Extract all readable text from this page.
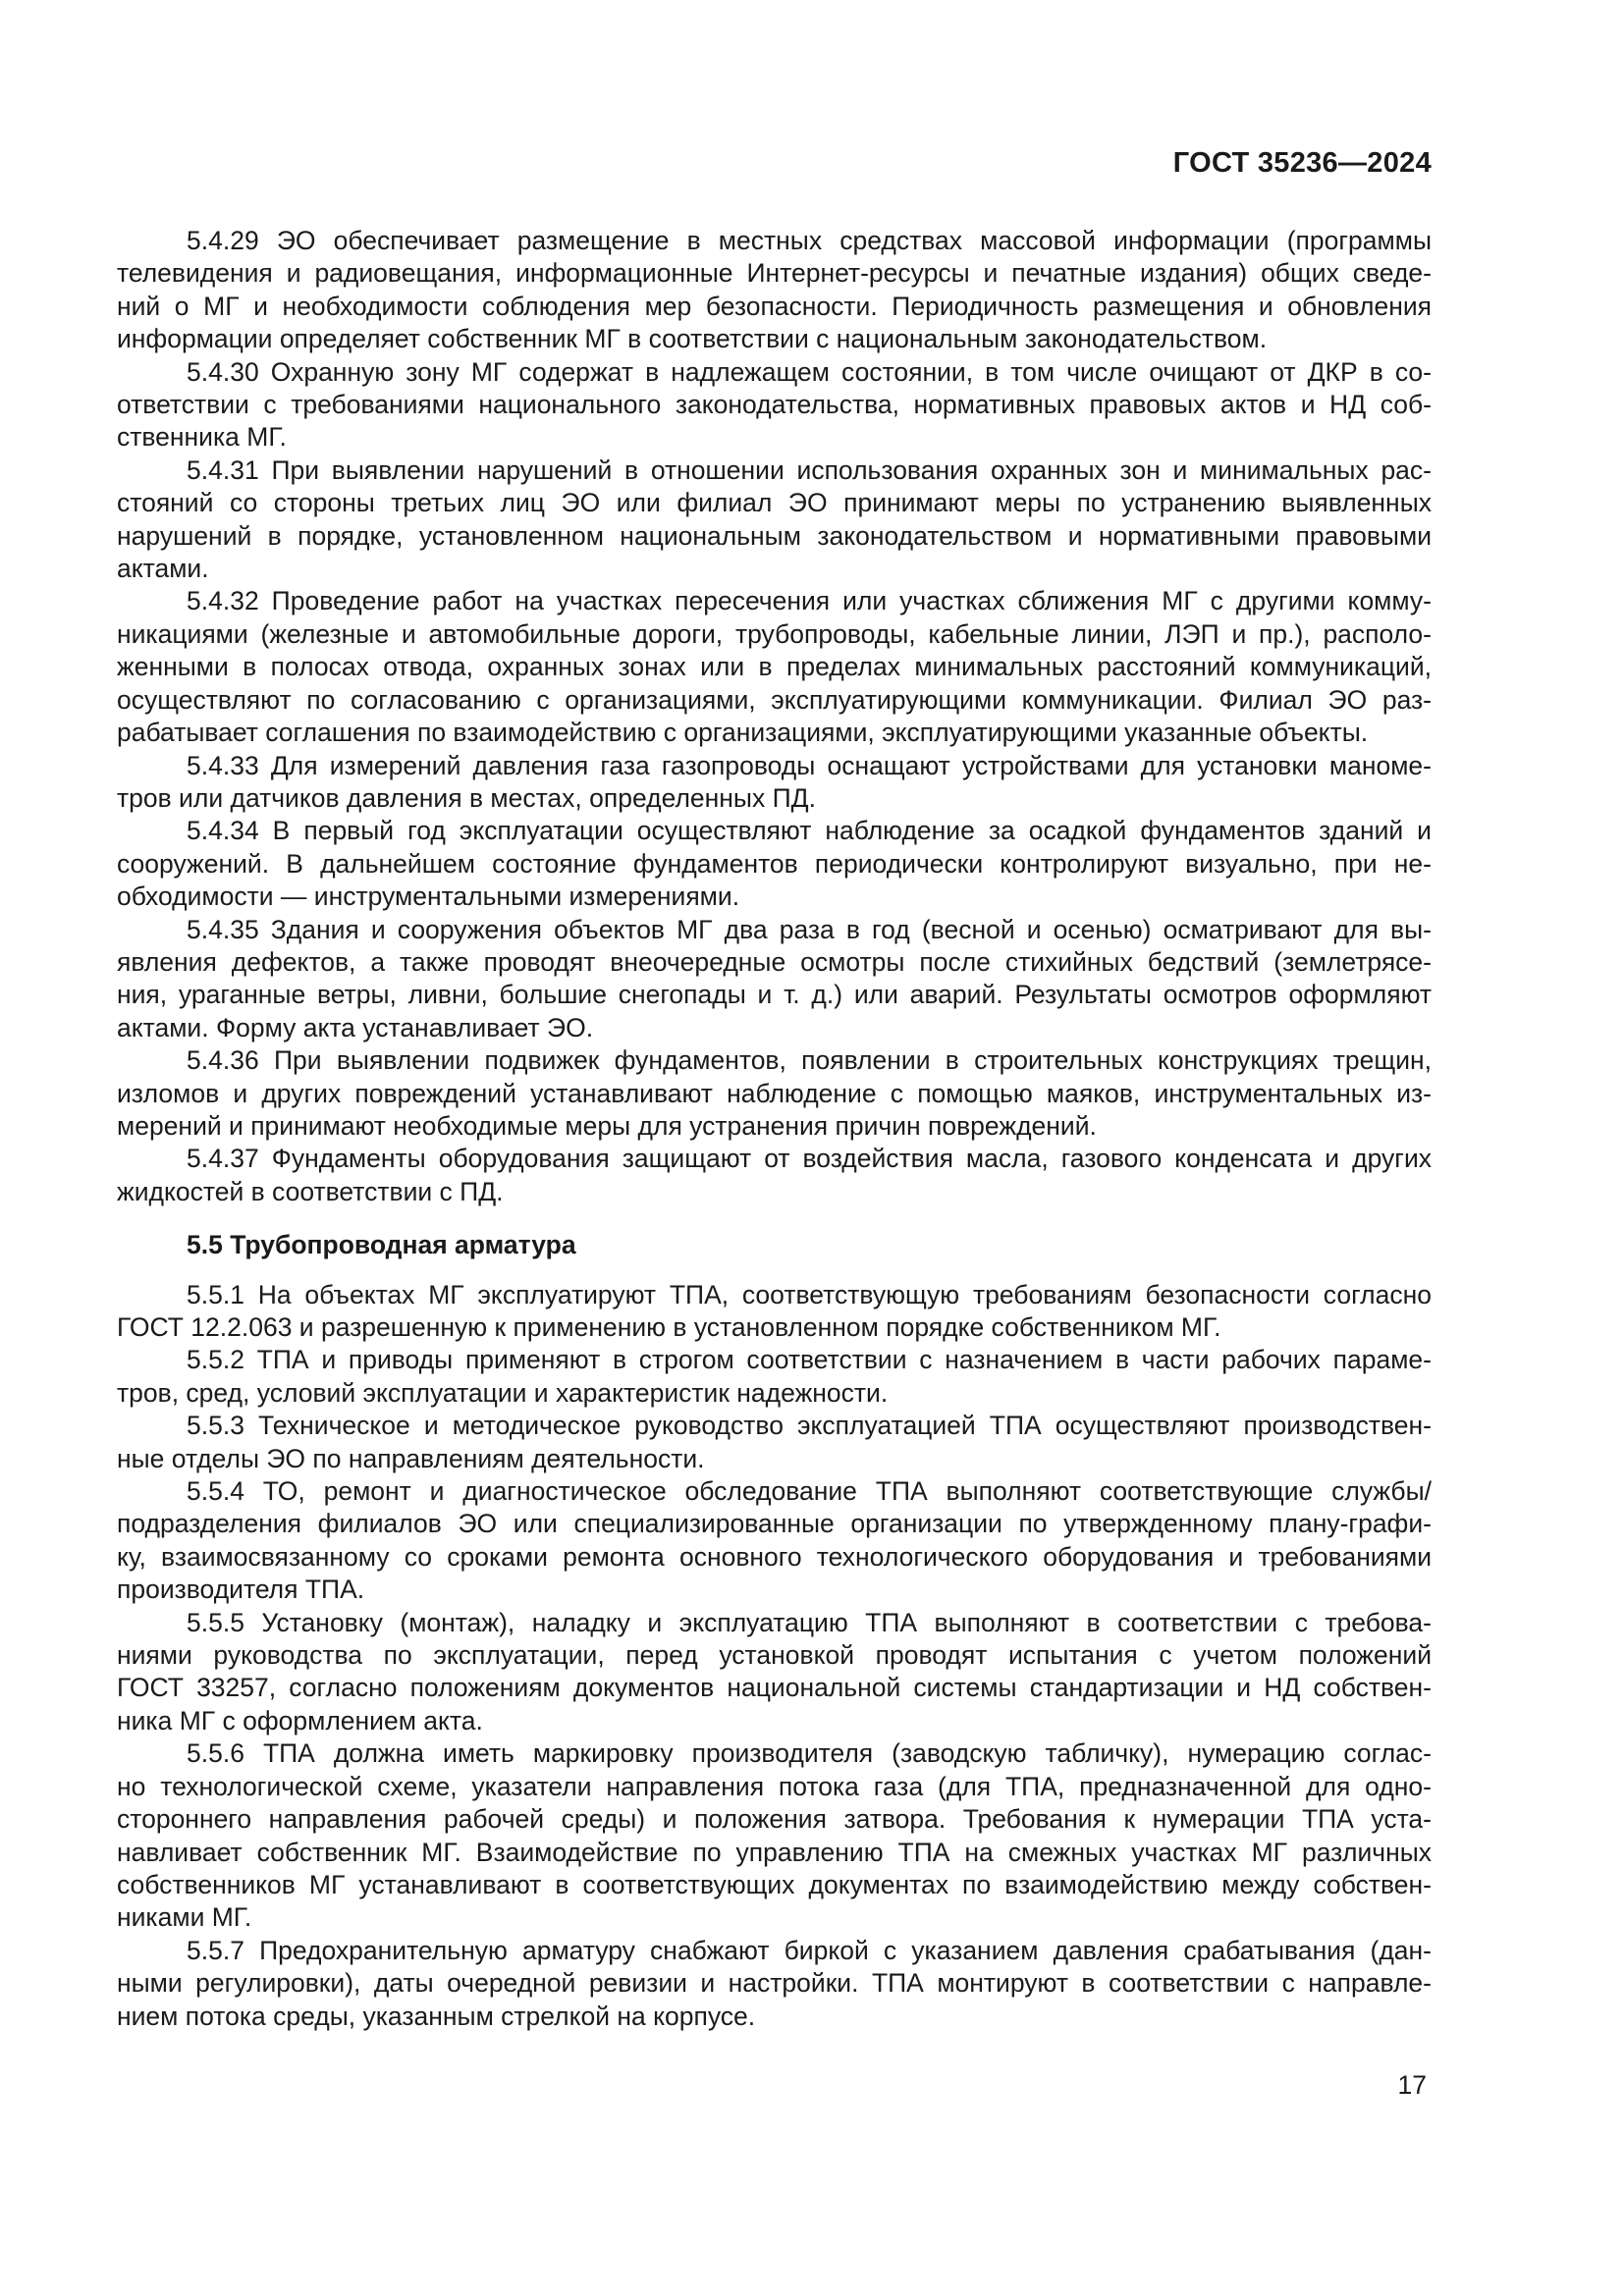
ГОСТ 35236—2024
5.4.29 ЭО обеспечивает размещение в местных средствах массовой информации (программы
телевидения и радиовещания, информационные Интернет-ресурсы и печатные издания) общих сведе-
ний о МГ и необходимости соблюдения мер безопасности. Периодичность размещения и обновления
информации определяет собственник МГ в соответствии с национальным законодательством.
5.4.30 Охранную зону МГ содержат в надлежащем состоянии, в том числе очищают от ДКР в со-
ответствии с требованиями национального законодательства, нормативных правовых актов и НД соб-
ственника МГ.
5.4.31 При выявлении нарушений в отношении использования охранных зон и минимальных рас-
стояний со стороны третьих лиц ЭО или филиал ЭО принимают меры по устранению выявленных
нарушений в порядке, установленном национальным законодательством и нормативными правовыми
актами.
5.4.32 Проведение работ на участках пересечения или участках сближения МГ с другими комму-
никациями (железные и автомобильные дороги, трубопроводы, кабельные линии, ЛЭП и пр.), располо-
женными в полосах отвода, охранных зонах или в пределах минимальных расстояний коммуникаций,
осуществляют по согласованию с организациями, эксплуатирующими коммуникации. Филиал ЭО раз-
рабатывает соглашения по взаимодействию с организациями, эксплуатирующими указанные объекты.
5.4.33 Для измерений давления газа газопроводы оснащают устройствами для установки маноме-
тров или датчиков давления в местах, определенных ПД.
5.4.34 В первый год эксплуатации осуществляют наблюдение за осадкой фундаментов зданий и
сооружений. В дальнейшем состояние фундаментов периодически контролируют визуально, при не-
обходимости — инструментальными измерениями.
5.4.35 Здания и сооружения объектов МГ два раза в год (весной и осенью) осматривают для вы-
явления дефектов, а также проводят внеочередные осмотры после стихийных бедствий (землетрясе-
ния, ураганные ветры, ливни, большие снегопады и т. д.) или аварий. Результаты осмотров оформляют
актами. Форму акта устанавливает ЭО.
5.4.36 При выявлении подвижек фундаментов, появлении в строительных конструкциях трещин,
изломов и других повреждений устанавливают наблюдение с помощью маяков, инструментальных из-
мерений и принимают необходимые меры для устранения причин повреждений.
5.4.37 Фундаменты оборудования защищают от воздействия масла, газового конденсата и других
жидкостей в соответствии с ПД.
5.5 Трубопроводная арматура
5.5.1 На объектах МГ эксплуатируют ТПА, соответствующую требованиям безопасности согласно
ГОСТ 12.2.063 и разрешенную к применению в установленном порядке собственником МГ.
5.5.2 ТПА и приводы применяют в строгом соответствии с назначением в части рабочих параме-
тров, сред, условий эксплуатации и характеристик надежности.
5.5.3 Техническое и методическое руководство эксплуатацией ТПА осуществляют производствен-
ные отделы ЭО по направлениям деятельности.
5.5.4 ТО, ремонт и диагностическое обследование ТПА выполняют соответствующие службы/
подразделения филиалов ЭО или специализированные организации по утвержденному плану-графи-
ку, взаимосвязанному со сроками ремонта основного технологического оборудования и требованиями
производителя ТПА.
5.5.5 Установку (монтаж), наладку и эксплуатацию ТПА выполняют в соответствии с требова-
ниями руководства по эксплуатации, перед установкой проводят испытания с учетом положений
ГОСТ 33257, согласно положениям документов национальной системы стандартизации и НД собствен-
ника МГ с оформлением акта.
5.5.6 ТПА должна иметь маркировку производителя (заводскую табличку), нумерацию соглас-
но технологической схеме, указатели направления потока газа (для ТПА, предназначенной для одно-
стороннего направления рабочей среды) и положения затвора. Требования к нумерации ТПА уста-
навливает собственник МГ. Взаимодействие по управлению ТПА на смежных участках МГ различных
собственников МГ устанавливают в соответствующих документах по взаимодействию между собствен-
никами МГ.
5.5.7 Предохранительную арматуру снабжают биркой с указанием давления срабатывания (дан-
ными регулировки), даты очередной ревизии и настройки. ТПА монтируют в соответствии с направле-
нием потока среды, указанным стрелкой на корпусе.
17
